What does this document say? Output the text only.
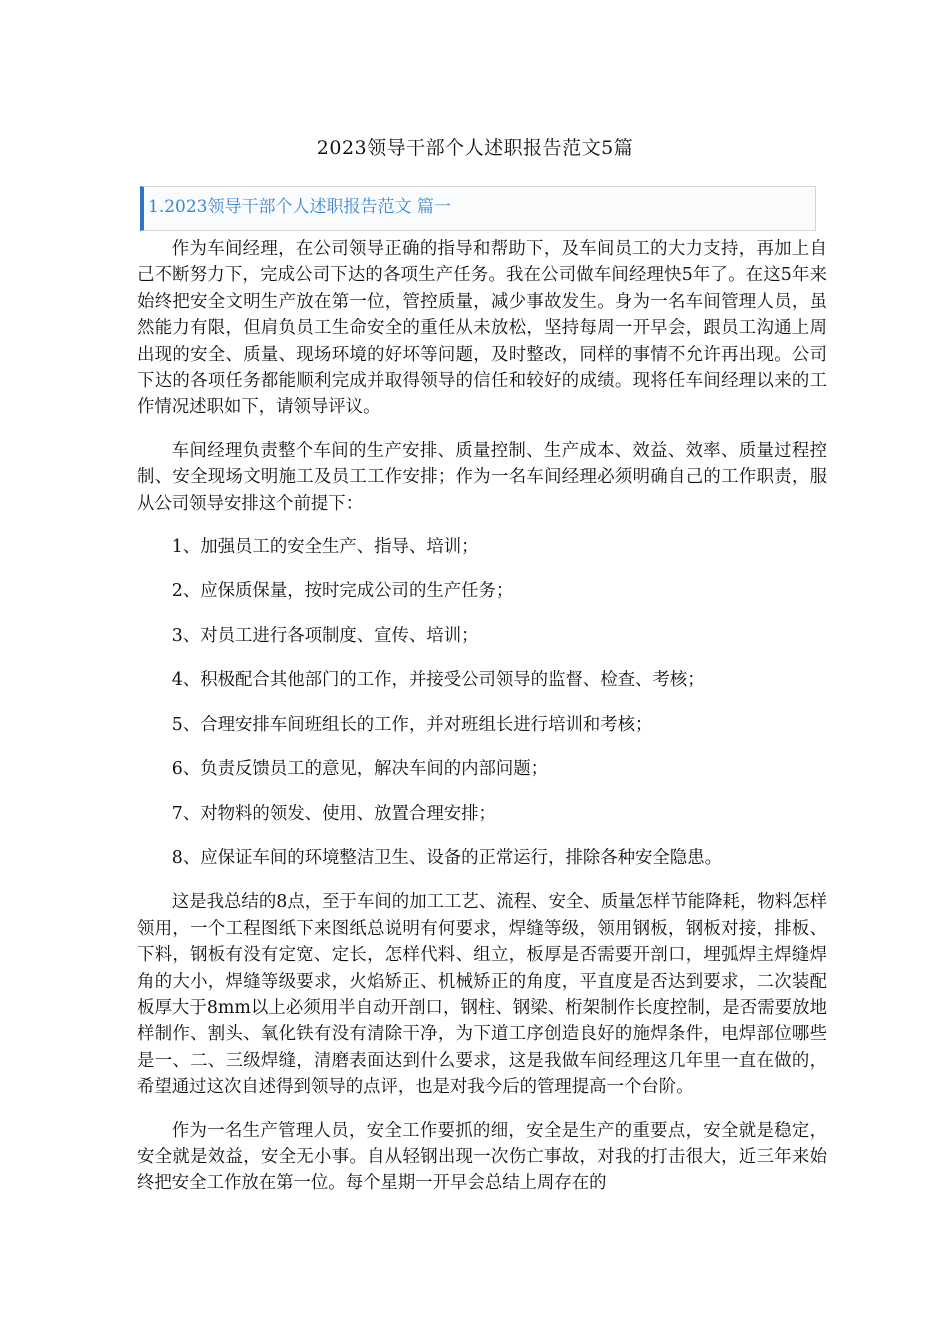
2023领导干部个人述职报告范文5篇
1.2023领导干部个人述职报告范文 篇一

作为车间经理，在公司领导正确的指导和帮助下，及车间员工的大力支持，再加上自己不断努力下，完成公司下达的各项生产任务。我在公司做车间经理快5年了。在这5年来始终把安全文明生产放在第一位，管控质量，减少事故发生。身为一名车间管理人员，虽然能力有限，但肩负员工生命安全的重任从未放松，坚持每周一开早会，跟员工沟通上周出现的安全、质量、现场环境的好坏等问题，及时整改，同样的事情不允许再出现。公司下达的各项任务都能顺利完成并取得领导的信任和较好的成绩。现将任车间经理以来的工作情况述职如下，请领导评议。

车间经理负责整个车间的生产安排、质量控制、生产成本、效益、效率、质量过程控制、安全现场文明施工及员工工作安排；作为一名车间经理必须明确自己的工作职责，服从公司领导安排这个前提下：

1、加强员工的安全生产、指导、培训；

2、应保质保量，按时完成公司的生产任务；

3、对员工进行各项制度、宣传、培训；

4、积极配合其他部门的工作，并接受公司领导的监督、检查、考核；

5、合理安排车间班组长的工作，并对班组长进行培训和考核；

6、负责反馈员工的意见，解决车间的内部问题；

7、对物料的领发、使用、放置合理安排；

8、应保证车间的环境整洁卫生、设备的正常运行，排除各种安全隐患。

这是我总结的8点，至于车间的加工工艺、流程、安全、质量怎样节能降耗，物料怎样领用，一个工程图纸下来图纸总说明有何要求，焊缝等级，领用钢板，钢板对接，排板、下料，钢板有没有定宽、定长，怎样代料、组立，板厚是否需要开剖口，埋弧焊主焊缝焊角的大小，焊缝等级要求，火焰矫正、机械矫正的角度，平直度是否达到要求，二次装配板厚大于8mm以上必须用半自动开剖口，钢柱、钢梁、桁架制作长度控制，是否需要放地样制作、割头、氧化铁有没有清除干净，为下道工序创造良好的施焊条件，电焊部位哪些是一、二、三级焊缝，清磨表面达到什么要求，这是我做车间经理这几年里一直在做的，希望通过这次自述得到领导的点评，也是对我今后的管理提高一个台阶。

作为一名生产管理人员，安全工作要抓的细，安全是生产的重要点，安全就是稳定，安全就是效益，安全无小事。自从轻钢出现一次伤亡事故，对我的打击很大，近三年来始终把安全工作放在第一位。每个星期一开早会总结上周存在的
